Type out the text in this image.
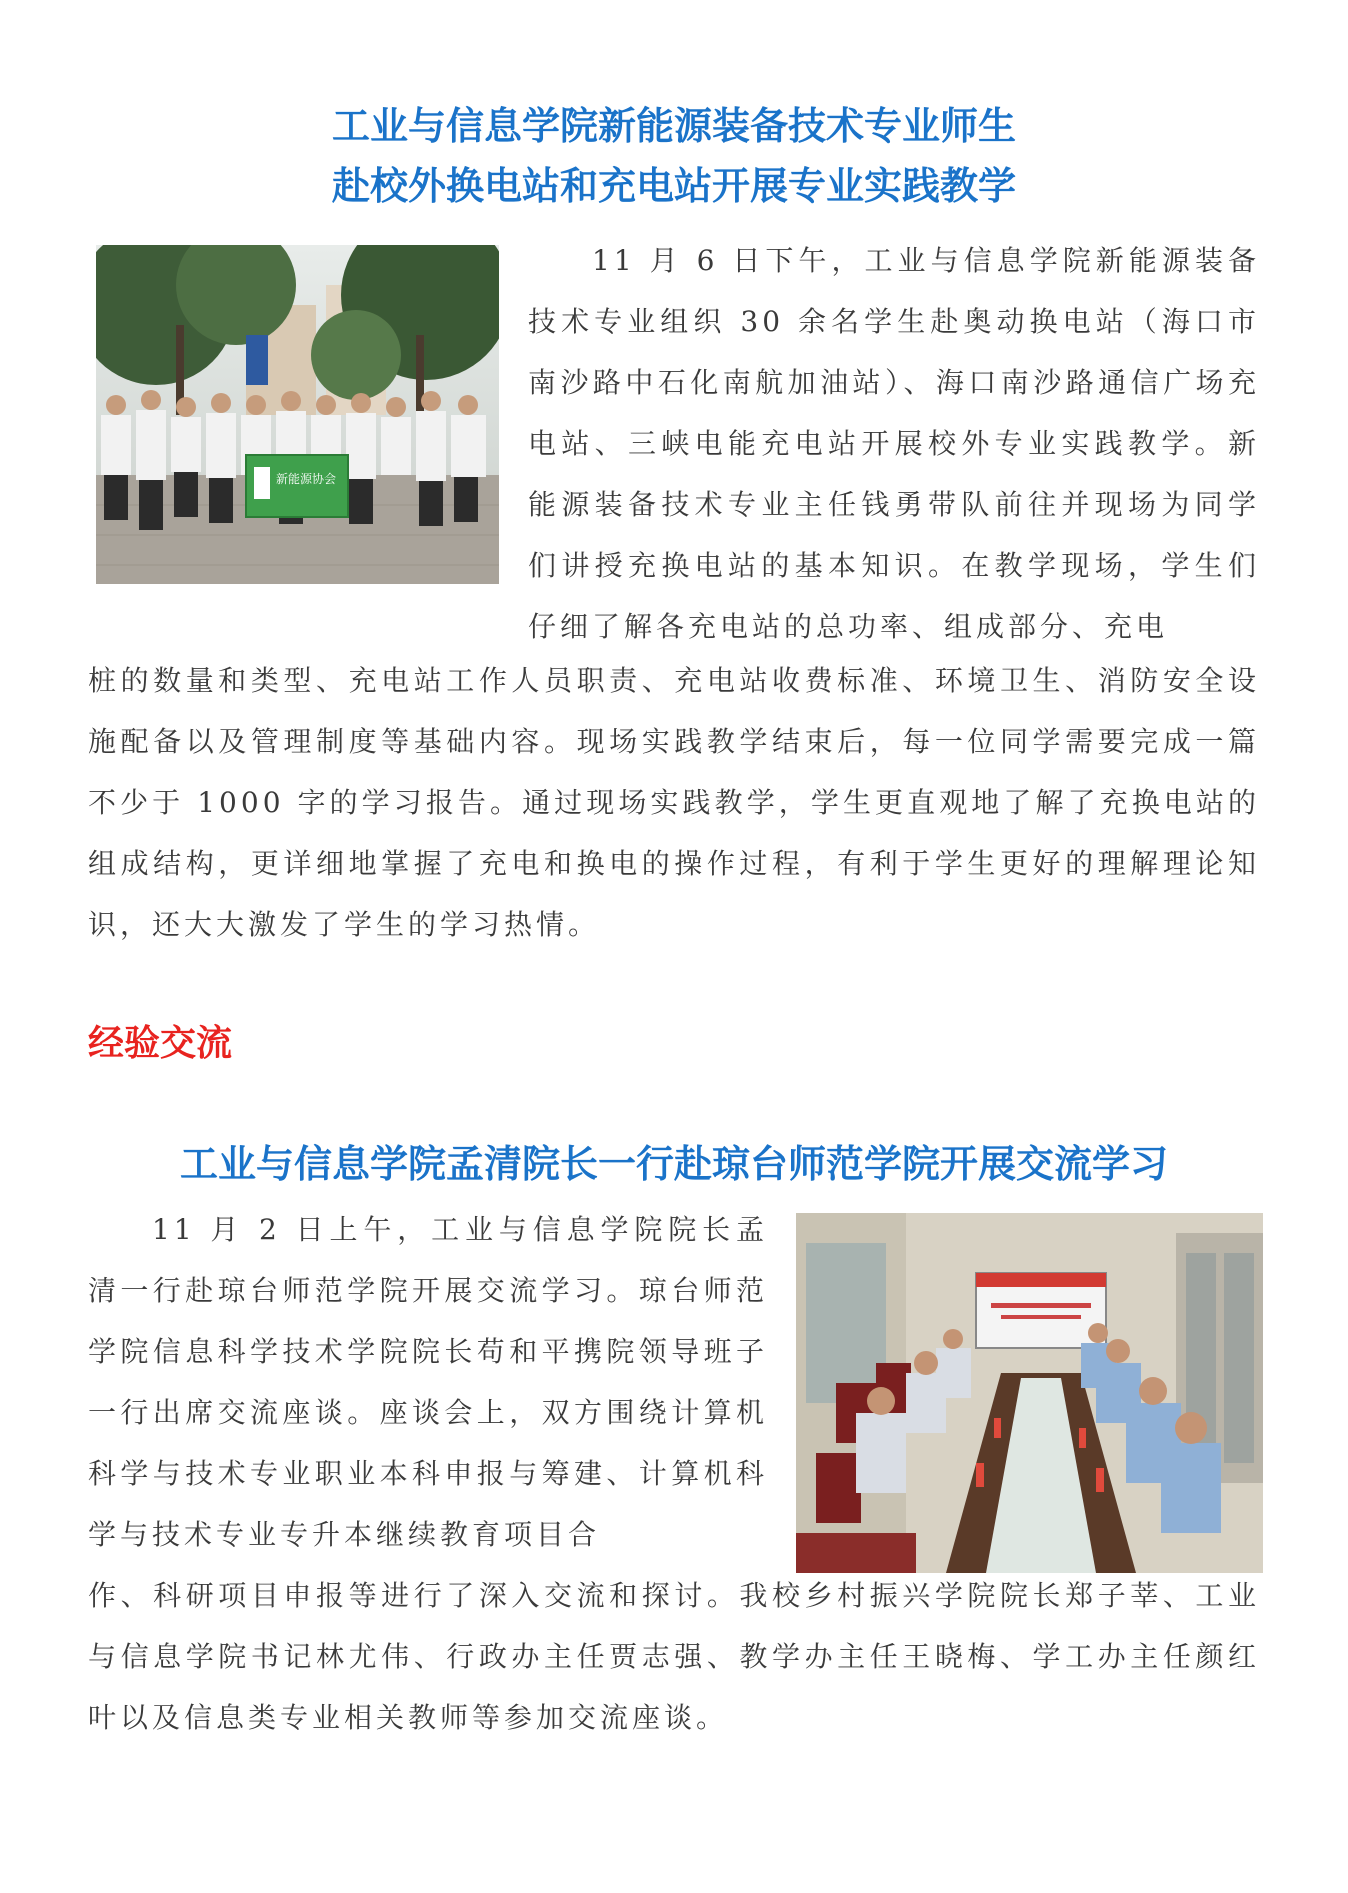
工业与信息学院新能源装备技术专业师生
赴校外换电站和充电站开展专业实践教学
新能源协会

11 月 6 日下午，工业与信息学院新能源装备技术专业组织 30 余名学生赴奥动换电站（海口市南沙路中石化南航加油站）、海口南沙路通信广场充电站、三峡电能充电站开展校外专业实践教学。新能源装备技术专业主任钱勇带队前往并现场为同学们讲授充换电站的基本知识。在教学现场，学生们仔细了解各充电站的总功率、组成部分、充电

桩的数量和类型、充电站工作人员职责、充电站收费标准、环境卫生、消防安全设施配备以及管理制度等基础内容。现场实践教学结束后，每一位同学需要完成一篇不少于 1000 字的学习报告。通过现场实践教学，学生更直观地了解了充换电站的组成结构，更详细地掌握了充电和换电的操作过程，有利于学生更好的理解理论知识，还大大激发了学生的学习热情。

经验交流
工业与信息学院孟清院长一行赴琼台师范学院开展交流学习

11 月 2 日上午，工业与信息学院院长孟清一行赴琼台师范学院开展交流学习。琼台师范学院信息科学技术学院院长苟和平携院领导班子一行出席交流座谈。座谈会上，双方围绕计算机科学与技术专业职业本科申报与筹建、计算机科学与技术专业专升本继续教育项目合

作、科研项目申报等进行了深入交流和探讨。我校乡村振兴学院院长郑子莘、工业与信息学院书记林尤伟、行政办主任贾志强、教学办主任王晓梅、学工办主任颜红叶以及信息类专业相关教师等参加交流座谈。
